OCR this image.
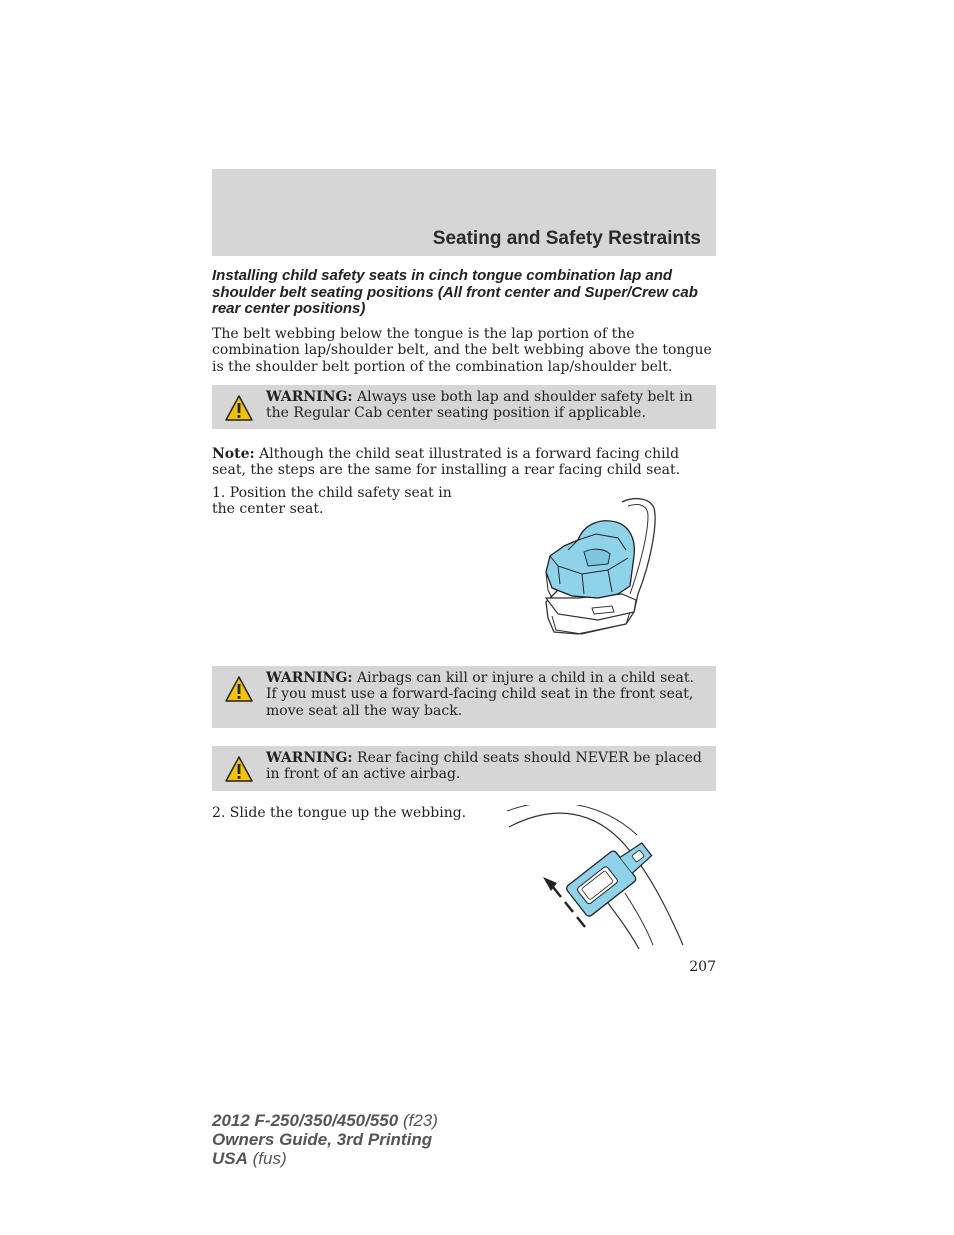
Seating and Safety Restraints

Installing child safety seats in cinch tongue combination lap and shoulder belt seating positions (All front center and Super/Crew cab rear center positions)

The belt webbing below the tongue is the lap portion of the combination lap/shoulder belt, and the belt webbing above the tongue is the shoulder belt portion of the combination lap/shoulder belt.

WARNING: Always use both lap and shoulder safety belt in the Regular Cab center seating position if applicable.

Note: Although the child seat illustrated is a forward facing child seat, the steps are the same for installing a rear facing child seat.

1. Position the child safety seat in the center seat.

WARNING: Airbags can kill or injure a child in a child seat. If you must use a forward-facing child seat in the front seat, move seat all the way back.
WARNING: Rear facing child seats should NEVER be placed in front of an active airbag.

2. Slide the tongue up the webbing.

207
2012 F-250/350/450/550 (f23)
Owners Guide, 3rd Printing
USA (fus)
